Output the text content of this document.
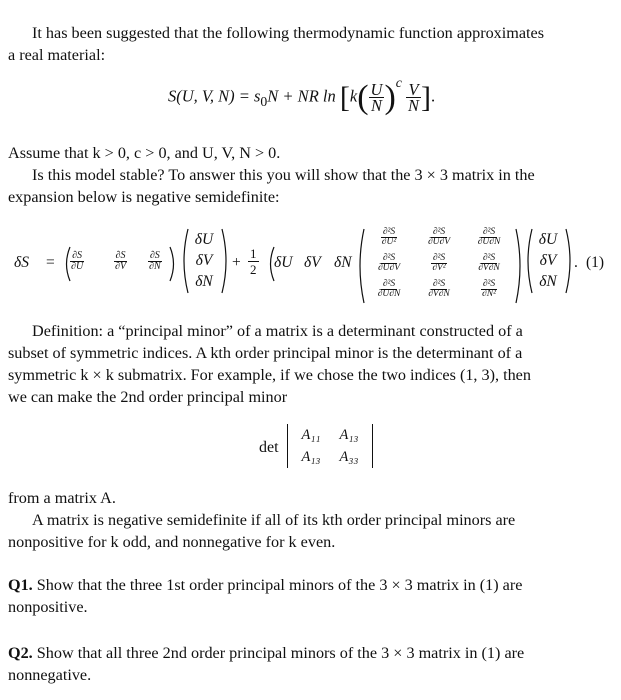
It has been suggested that the following thermodynamic function approximates
a real material:
S(U, V, $N) = s_0N$ + NR $\ln [k( \frac{U}{N} )^c \frac{V}{N}$ ].
Assume that k > 0, c > 0, and U, V, N > 0.
Is this model stable? To answer this you will show that the 3 × 3 matrix in the
expansion below is negative semidefinite:
$\delta S = \frac{\partial S}{\partial U}$	$\frac{\partial S}{\partial V} \frac{\partial S}{\partial N}$
δU
δV
δN
+ $\frac{1}{2}$ δU δV δN
$\frac{\text{∂²S}}{\text{∂U²}} \frac{\text{∂²S}}{\partial U\partial V} \frac{\text{∂²S}}{\partial U\partial N}$
$\frac{\text{∂²S}}{\partial U\partial V} \frac{\text{∂²S}}{\text{∂V²}} \frac{\text{∂²S}}{\partial V\partial N}$
$\frac{\text{∂²S}}{\partial U\partial N} \frac{\text{∂²S}}{\partial V\partial N} \frac{\text{∂²S}}{\text{∂N²}}$
δU
δV
δN
. (1)
Definition: a “principal minor” of a matrix is a determinant constructed of a
subset of symmetric indices. A kth order principal minor is the determinant of a
symmetric k × k submatrix. For example, if we chose the two indices (1, 3), then
we can make the 2nd order principal minor
det
A₁₁	A₁₃
A₁₃	A₃₃
from a matrix A.
A matrix is negative semidefinite if all of its kth order principal minors are
nonpositive for k odd, and nonnegative for k even.
Q1. Show that the three 1st order principal minors of the 3 × 3 matrix in (1) are
nonpositive.
Q2. Show that all three 2nd order principal minors of the 3 × 3 matrix in (1) are
nonnegative.
